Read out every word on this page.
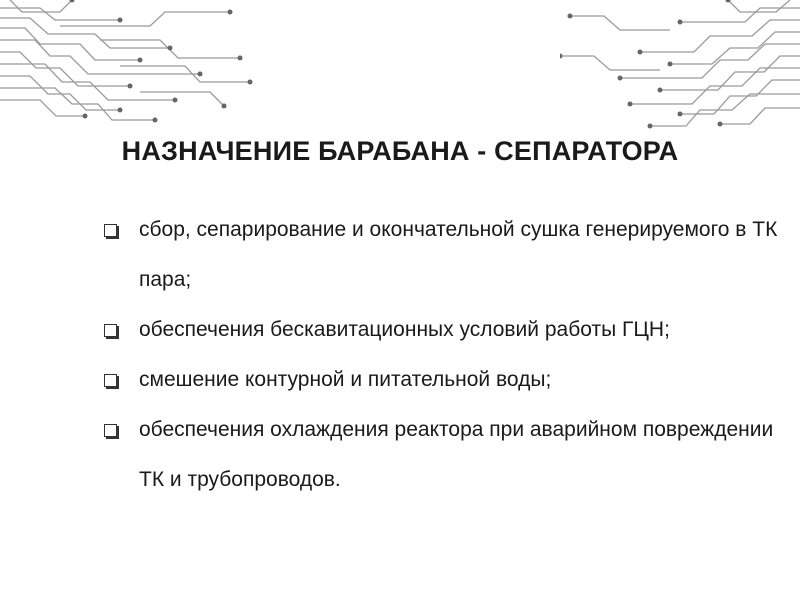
НАЗНАЧЕНИЕ БАРАБАНА - СЕПАРАТОРА
сбор, сепарирование и окончательной сушка генерируемого в ТК пара;
обеспечения бескавитационных условий работы ГЦН;
смешение контурной и питательной воды;
обеспечения охлаждения реактора при аварийном повреждении ТК и трубопроводов.
